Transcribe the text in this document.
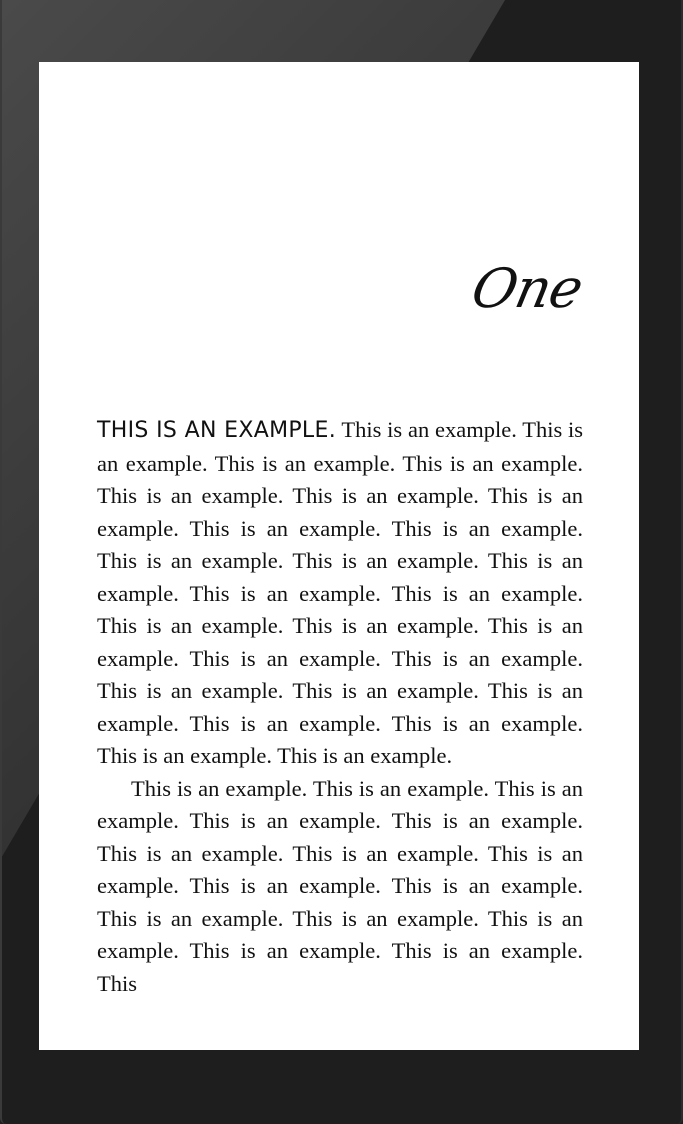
One

THIS IS AN EXAMPLE. This is an example. This is an example. This is an example. This is an example. This is an example. This is an example. This is an example. This is an example. This is an example. This is an example. This is an example. This is an example. This is an example. This is an example. This is an example. This is an example. This is an example. This is an example. This is an example. This is an example. This is an example. This is an example. This is an example. This is an example. This is an example. This is an example.

This is an example. This is an example. This is an example. This is an example. This is an example. This is an example. This is an example. This is an example. This is an example. This is an example. This is an example. This is an example. This is an example. This is an example. This is an example. This
